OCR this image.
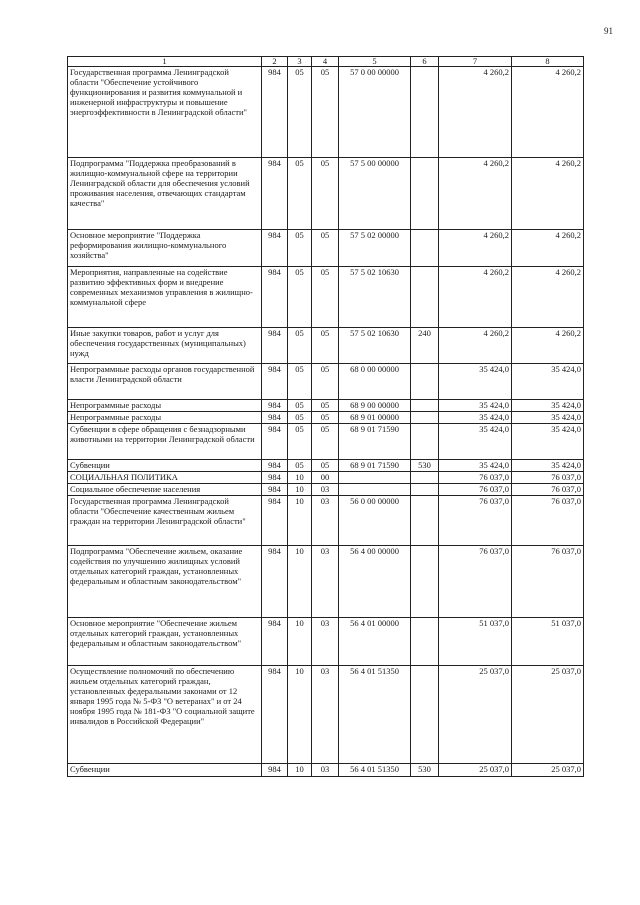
91
1	2	3	4	5	6	7	8
Государственная программа Ленинградской области "Обеспечение устойчивого функционирования и развития коммунальной и инженерной инфраструктуры и повышение энергоэффективности в Ленинградской области"	984	05	05	57 0 00 00000		4 260,2	4 260,2
Подпрограмма "Поддержка преобразований в жилищно-коммунальной сфере на территории Ленинградской области для обеспечения условий проживания населения, отвечающих стандартам качества"	984	05	05	57 5 00 00000		4 260,2	4 260,2
Основное мероприятие "Поддержка реформирования жилищно-коммунального хозяйства"	984	05	05	57 5 02 00000		4 260,2	4 260,2
Мероприятия, направленные на содействие развитию эффективных форм и внедрение современных механизмов управления в жилищно-коммунальной сфере	984	05	05	57 5 02 10630		4 260,2	4 260,2
Иные закупки товаров, работ и услуг для обеспечения государственных (муниципальных) нужд	984	05	05	57 5 02 10630	240	4 260,2	4 260,2
Непрограммные расходы органов государственной власти Ленинградской области	984	05	05	68 0 00 00000		35 424,0	35 424,0
Непрограммные расходы	984	05	05	68 9 00 00000		35 424,0	35 424,0
Непрограммные расходы	984	05	05	68 9 01 00000		35 424,0	35 424,0
Субвенции в сфере обращения с безнадзорными животными на территории Ленинградской области	984	05	05	68 9 01 71590		35 424,0	35 424,0
Субвенции	984	05	05	68 9 01 71590	530	35 424,0	35 424,0
СОЦИАЛЬНАЯ ПОЛИТИКА	984	10	00			76 037,0	76 037,0
Социальное обеспечение населения	984	10	03			76 037,0	76 037,0
Государственная программа Ленинградской области "Обеспечение качественным жильем граждан на территории Ленинградской области"	984	10	03	56 0 00 00000		76 037,0	76 037,0
Подпрограмма "Обеспечение жильем, оказание содействия по улучшению жилищных условий отдельных категорий граждан, установленных федеральным и областным законодательством"	984	10	03	56 4 00 00000		76 037,0	76 037,0
Основное мероприятие "Обеспечение жильем отдельных категорий граждан, установленных федеральным и областным законодательством"	984	10	03	56 4 01 00000		51 037,0	51 037,0
Осуществление полномочий по обеспечению жильем отдельных категорий граждан, установленных федеральными законами от 12 января 1995 года № 5-ФЗ "О ветеранах" и от 24 ноября 1995 года № 181-ФЗ "О социальной защите инвалидов в Российской Федерации"	984	10	03	56 4 01 51350		25 037,0	25 037,0
Субвенции	984	10	03	56 4 01 51350	530	25 037,0	25 037,0
